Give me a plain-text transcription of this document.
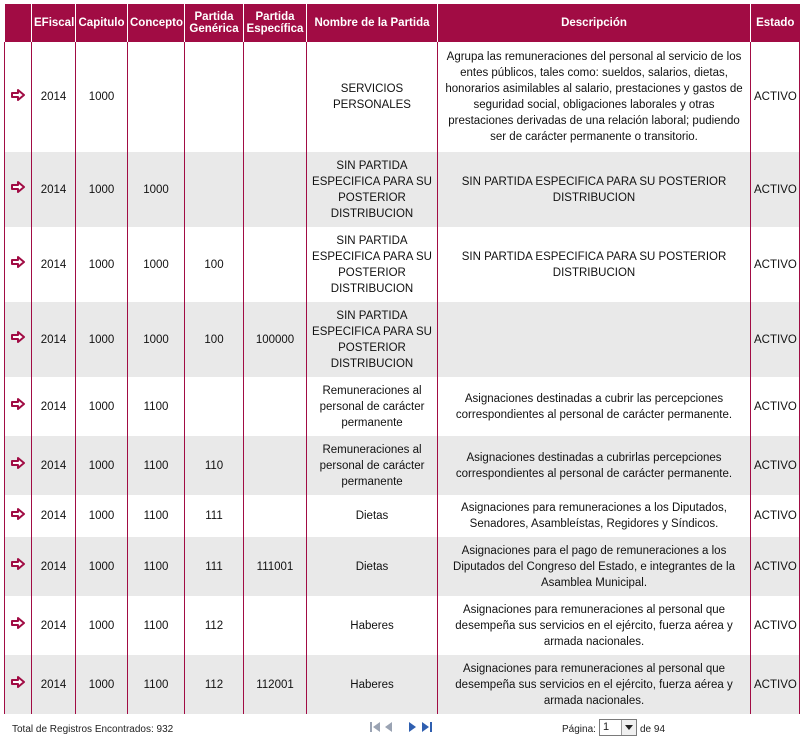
	EFiscal	Capitulo	Concepto	Partida Genérica	Partida Específica	Nombre de la Partida	Descripción	Estado

	2014	1000				SERVICIOS PERSONALES	Agrupa las remuneraciones del personal al servicio de los entes públicos, tales como: sueldos, salarios, dietas, honorarios asimilables al salario, prestaciones y gastos de seguridad social, obligaciones laborales y otras prestaciones derivadas de una relación laboral; pudiendo ser de carácter permanente o transitorio.	ACTIVO

	2014	1000	1000			SIN PARTIDA ESPECIFICA PARA SU POSTERIOR DISTRIBUCION	SIN PARTIDA ESPECIFICA PARA SU POSTERIOR DISTRIBUCION	ACTIVO

	2014	1000	1000	100		SIN PARTIDA ESPECIFICA PARA SU POSTERIOR DISTRIBUCION	SIN PARTIDA ESPECIFICA PARA SU POSTERIOR DISTRIBUCION	ACTIVO

	2014	1000	1000	100	100000	SIN PARTIDA ESPECIFICA PARA SU POSTERIOR DISTRIBUCION		ACTIVO

	2014	1000	1100			Remuneraciones al personal de carácter permanente	Asignaciones destinadas a cubrir las percepciones correspondientes al personal de carácter permanente.	ACTIVO

	2014	1000	1100	110		Remuneraciones al personal de carácter permanente	Asignaciones destinadas a cubrirlas percepciones correspondientes al personal de carácter permanente.	ACTIVO

	2014	1000	1100	111		Dietas	Asignaciones para remuneraciones a los Diputados, Senadores, Asambleístas, Regidores y Síndicos.	ACTIVO

	2014	1000	1100	111	111001	Dietas	Asignaciones para el pago de remuneraciones a los Diputados del Congreso del Estado, e integrantes de la Asamblea Municipal.	ACTIVO

	2014	1000	1100	112		Haberes	Asignaciones para remuneraciones al personal que desempeña sus servicios en el ejército, fuerza aérea y armada nacionales.	ACTIVO

	2014	1000	1100	112	112001	Haberes	Asignaciones para remuneraciones al personal que desempeña sus servicios en el ejército, fuerza aérea y armada nacionales.	ACTIVO
Total de Registros Encontrados: 932	Página: 1	de 94
